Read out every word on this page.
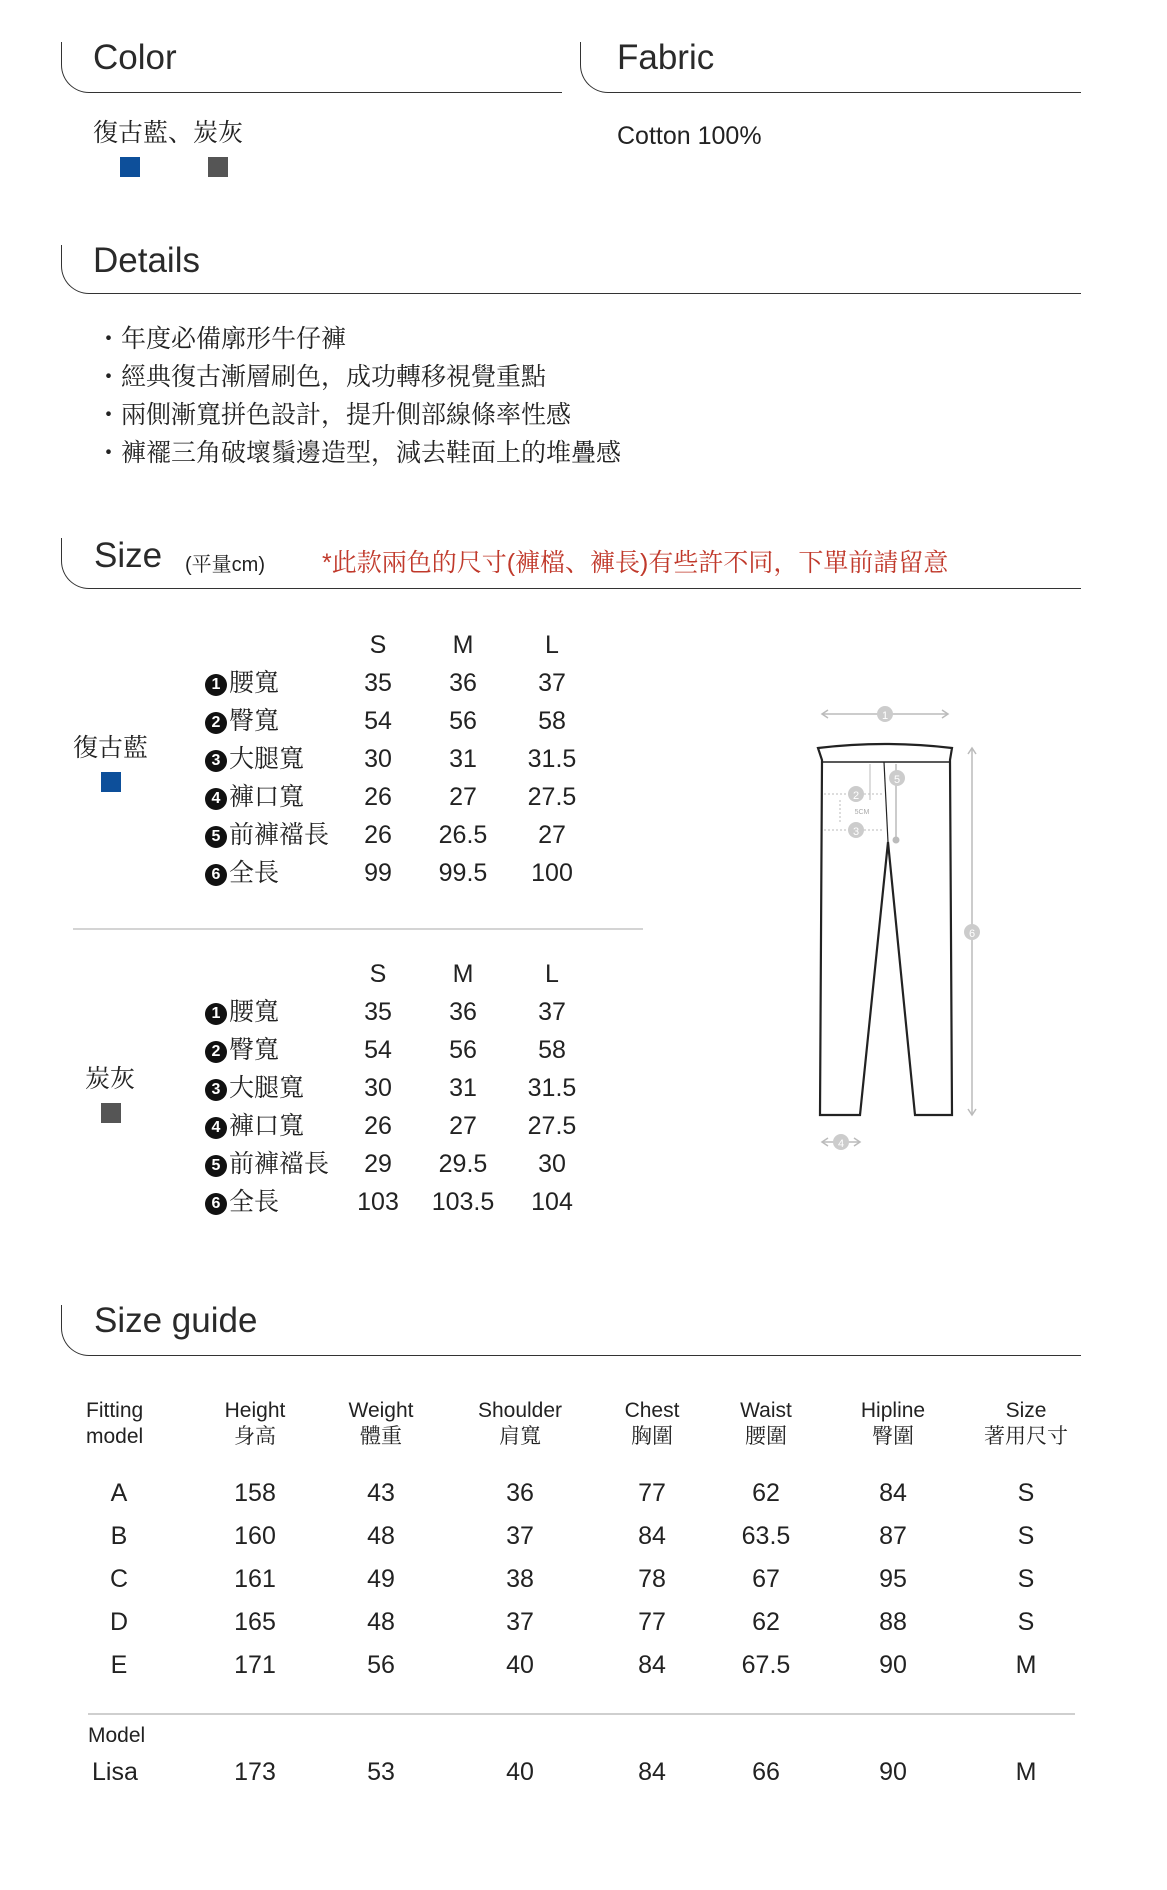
Color
復古藍、炭灰
Fabric
Cotton 100%
Details
・年度必備廓形牛仔褲
・經典復古漸層刷色，成功轉移視覺重點
・兩側漸寬拼色設計，提升側部線條率性感
・褲襬三角破壞鬚邊造型，減去鞋面上的堆疊感
Size (平量cm) *此款兩色的尺寸(褲檔、褲長)有些許不同，下單前請留意
復古藍
S	M	L
1 腰寬	35	36	37
2 臀寬	54	56	58
3 大腿寬	30	31	31.5
4 褲口寬	26	27	27.5
5 前褲襠長	26	26.5	27
6 全長	99	99.5	100
炭灰
S	M	L
1 腰寬	35	36	37
2 臀寬	54	56	58
3 大腿寬	30	31	31.5
4 褲口寬	26	27	27.5
5 前褲襠長	29	29.5	30
6 全長	103	103.5	104
1
2
5CM
3
5
6
4
Size guide
Fitting
model
Height
身高
Weight
體重
Shoulder
肩寬
Chest
胸圍
Waist
腰圍
Hipline
臀圍
Size
著用尺寸
A	158	43	36	77	62	84	S
B	160	48	37	84	63.5	87	S
C	161	49	38	78	67	95	S
D	165	48	37	77	62	88	S
E	171	56	40	84	67.5	90	M
Model
Lisa	173	53	40	84	66	90	M
